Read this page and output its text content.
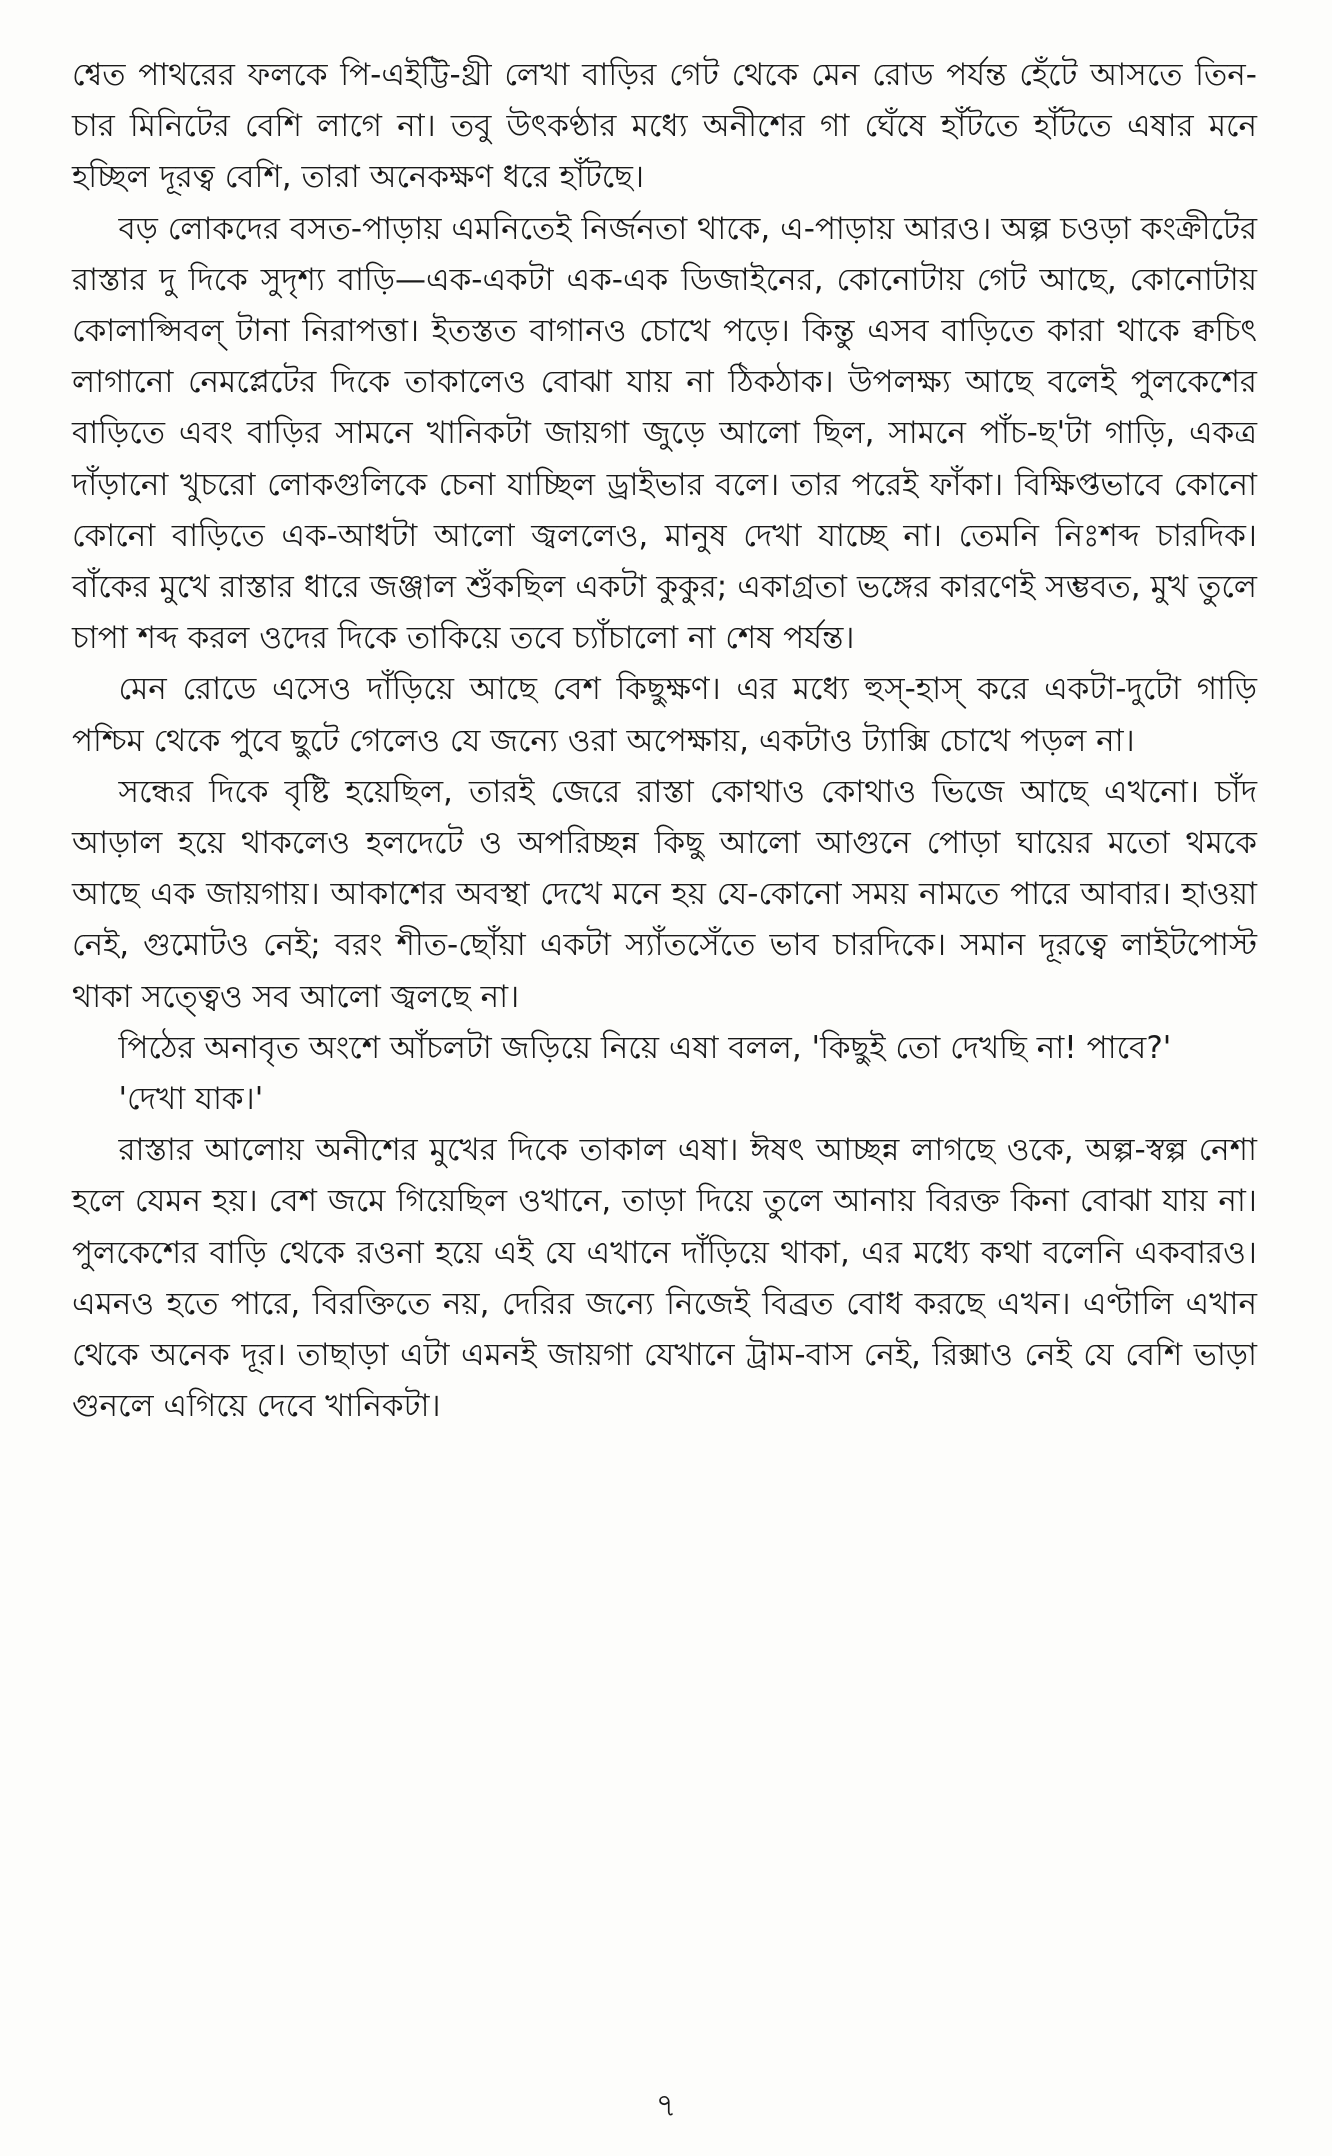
শ্বেত পাথরের ফলকে পি-এইট্টি-থ্রী লেখা বাড়ির গেট থেকে মেন রোড পর্যন্ত হেঁটে আসতে তিন-চার মিনিটের বেশি লাগে না। তবু উৎকণ্ঠার মধ্যে অনীশের গা ঘেঁষে হাঁটতে হাঁটতে এষার মনে হচ্ছিল দূরত্ব বেশি, তারা অনেকক্ষণ ধরে হাঁটছে।

বড় লোকদের বসত-পাড়ায় এমনিতেই নির্জনতা থাকে, এ-পাড়ায় আরও। অল্প চওড়া কংক্রীটের রাস্তার দু দিকে সুদৃশ্য বাড়ি—এক-একটা এক-এক ডিজাইনের, কোনোটায় গেট আছে, কোনোটায় কোলাপ্সিবল্ টানা নিরাপত্তা। ইতস্তত বাগানও চোখে পড়ে। কিন্তু এসব বাড়িতে কারা থাকে ক্বচিৎ লাগানো নেমপ্লেটের দিকে তাকালেও বোঝা যায় না ঠিকঠাক। উপলক্ষ্য আছে বলেই পুলকেশের বাড়িতে এবং বাড়ির সামনে খানিকটা জায়গা জুড়ে আলো ছিল, সামনে পাঁচ-ছ'টা গাড়ি, একত্র দাঁড়ানো খুচরো লোকগুলিকে চেনা যাচ্ছিল ড্রাইভার বলে। তার পরেই ফাঁকা। বিক্ষিপ্তভাবে কোনো কোনো বাড়িতে এক-আধটা আলো জ্বললেও, মানুষ দেখা যাচ্ছে না। তেমনি নিঃশব্দ চারদিক। বাঁকের মুখে রাস্তার ধারে জঞ্জাল শুঁকছিল একটা কুকুর; একাগ্রতা ভঙ্গের কারণেই সম্ভবত, মুখ তুলে চাপা শব্দ করল ওদের দিকে তাকিয়ে তবে চ্যাঁচালো না শেষ পর্যন্ত।

মেন রোডে এসেও দাঁড়িয়ে আছে বেশ কিছুক্ষণ। এর মধ্যে হুস্-হাস্ করে একটা-দুটো গাড়ি পশ্চিম থেকে পুবে ছুটে গেলেও যে জন্যে ওরা অপেক্ষায়, একটাও ট্যাক্সি চোখে পড়ল না।

সন্ধের দিকে বৃষ্টি হয়েছিল, তারই জেরে রাস্তা কোথাও কোথাও ভিজে আছে এখনো। চাঁদ আড়াল হয়ে থাকলেও হলদেটে ও অপরিচ্ছন্ন কিছু আলো আগুনে পোড়া ঘায়ের মতো থমকে আছে এক জায়গায়। আকাশের অবস্থা দেখে মনে হয় যে-কোনো সময় নামতে পারে আবার। হাওয়া নেই, গুমোটও নেই; বরং শীত-ছোঁয়া একটা স্যাঁতসেঁতে ভাব চারদিকে। সমান দূরত্বে লাইটপোস্ট থাকা সত্ত্বেও সব আলো জ্বলছে না।

পিঠের অনাবৃত অংশে আঁচলটা জড়িয়ে নিয়ে এষা বলল, 'কিছুই তো দেখছি না! পাবে?'

'দেখা যাক।'

রাস্তার আলোয় অনীশের মুখের দিকে তাকাল এষা। ঈষৎ আচ্ছন্ন লাগছে ওকে, অল্প-স্বল্প নেশা হলে যেমন হয়। বেশ জমে গিয়েছিল ওখানে, তাড়া দিয়ে তুলে আনায় বিরক্ত কিনা বোঝা যায় না। পুলকেশের বাড়ি থেকে রওনা হয়ে এই যে এখানে দাঁড়িয়ে থাকা, এর মধ্যে কথা বলেনি একবারও। এমনও হতে পারে, বিরক্তিতে নয়, দেরির জন্যে নিজেই বিব্রত বোধ করছে এখন। এণ্টালি এখান থেকে অনেক দূর। তাছাড়া এটা এমনই জায়গা যেখানে ট্রাম-বাস নেই, রিক্সাও নেই যে বেশি ভাড়া গুনলে এগিয়ে দেবে খানিকটা।

৭
